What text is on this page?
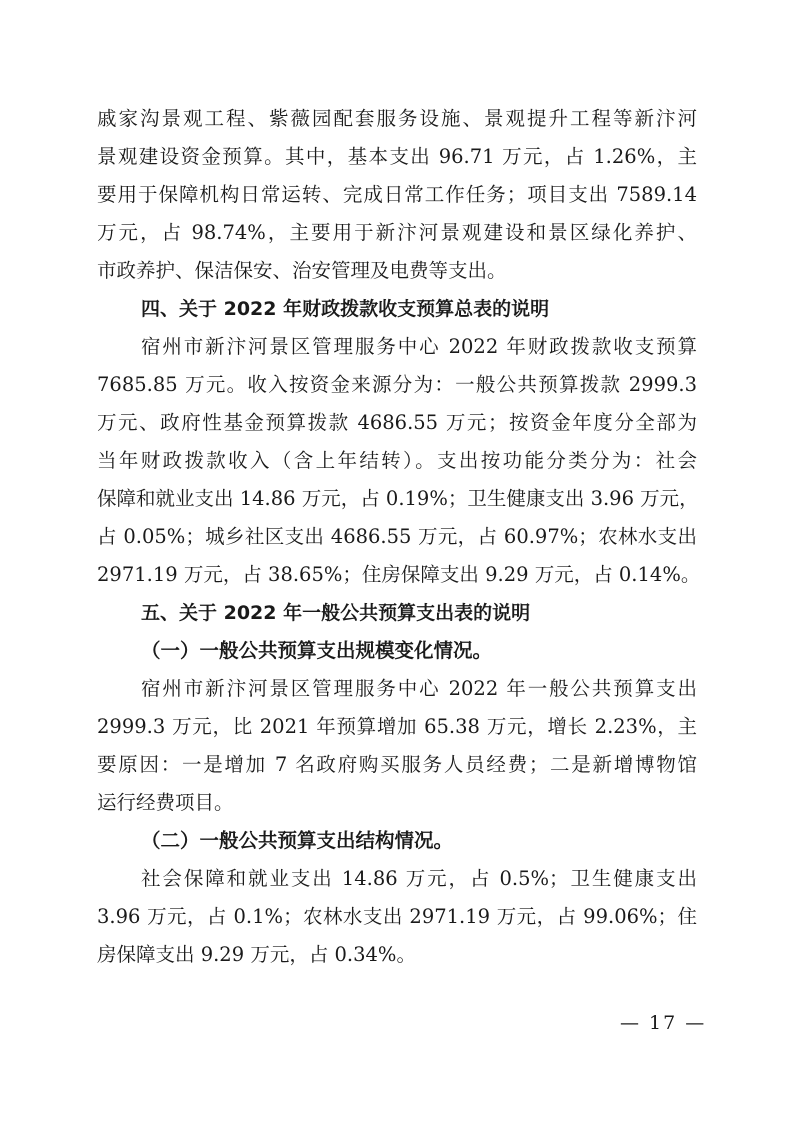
戚家沟景观工程、紫薇园配套服务设施、景观提升工程等新汴河
景观建设资金预算。其中，基本支出 96.71 万元，占 1.26%，主
要用于保障机构日常运转、完成日常工作任务；项目支出 7589.14
万元，占 98.74%，主要用于新汴河景观建设和景区绿化养护、
市政养护、保洁保安、治安管理及电费等支出。
四、关于 2022 年财政拨款收支预算总表的说明
宿州市新汴河景区管理服务中心 2022 年财政拨款收支预算
7685.85 万元。收入按资金来源分为：一般公共预算拨款 2999.3
万元、政府性基金预算拨款 4686.55 万元；按资金年度分全部为
当年财政拨款收入（含上年结转）。支出按功能分类分为：社会
保障和就业支出 14.86 万元，占 0.19%；卫生健康支出 3.96 万元，
占 0.05%；城乡社区支出 4686.55 万元，占 60.97%；农林水支出
2971.19 万元，占 38.65%；住房保障支出 9.29 万元，占 0.14%。
五、关于 2022 年一般公共预算支出表的说明
（一）一般公共预算支出规模变化情况。
宿州市新汴河景区管理服务中心 2022 年一般公共预算支出
2999.3 万元，比 2021 年预算增加 65.38 万元，增长 2.23%，主
要原因：一是增加 7 名政府购买服务人员经费；二是新增博物馆
运行经费项目。
（二）一般公共预算支出结构情况。
社会保障和就业支出 14.86 万元，占 0.5%；卫生健康支出
3.96 万元，占 0.1%；农林水支出 2971.19 万元，占 99.06%；住
房保障支出 9.29 万元，占 0.34%。
— 17 —
